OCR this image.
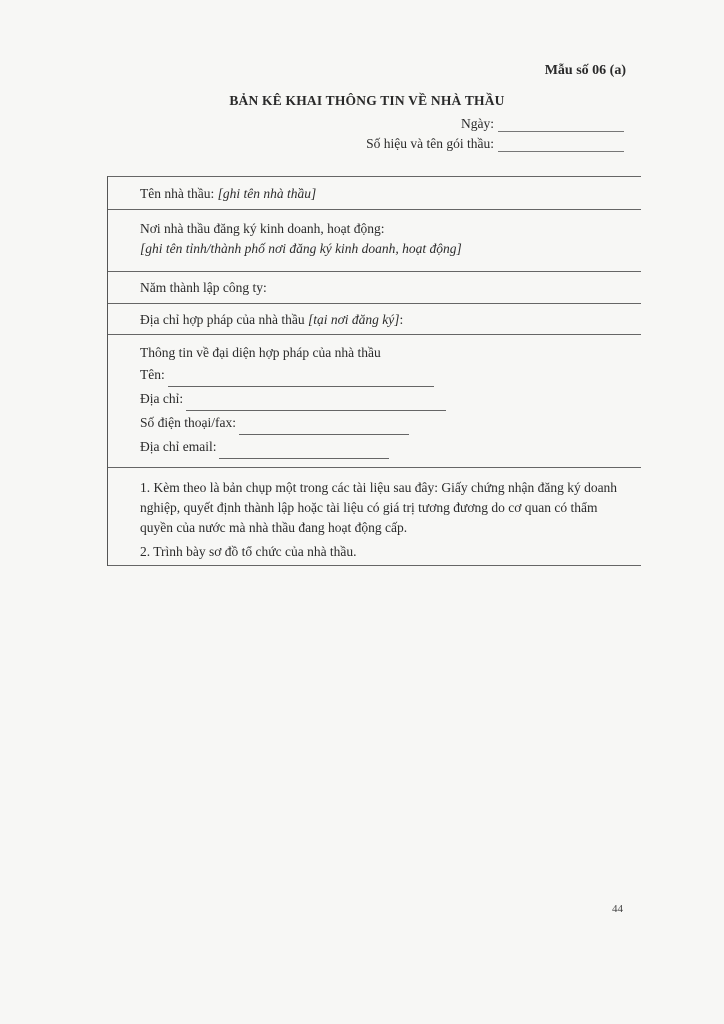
Mẫu số 06 (a)
BẢN KÊ KHAI THÔNG TIN VỀ NHÀ THẦU
Ngày:
Số hiệu và tên gói thầu:

Tên nhà thầu: [ghi tên nhà thầu]

Nơi nhà thầu đăng ký kinh doanh, hoạt động:

[ghi tên tỉnh/thành phố nơi đăng ký kinh doanh, hoạt động]

Năm thành lập công ty:

Địa chỉ hợp pháp của nhà thầu [tại nơi đăng ký]:

Thông tin về đại diện hợp pháp của nhà thầu

Tên:
Địa chỉ:
Số điện thoại/fax:
Địa chỉ email:

1. Kèm theo là bản chụp một trong các tài liệu sau đây: Giấy chứng nhận đăng ký doanh nghiệp, quyết định thành lập hoặc tài liệu có giá trị tương đương do cơ quan có thẩm quyền của nước mà nhà thầu đang hoạt động cấp.

2. Trình bày sơ đồ tổ chức của nhà thầu.

44
